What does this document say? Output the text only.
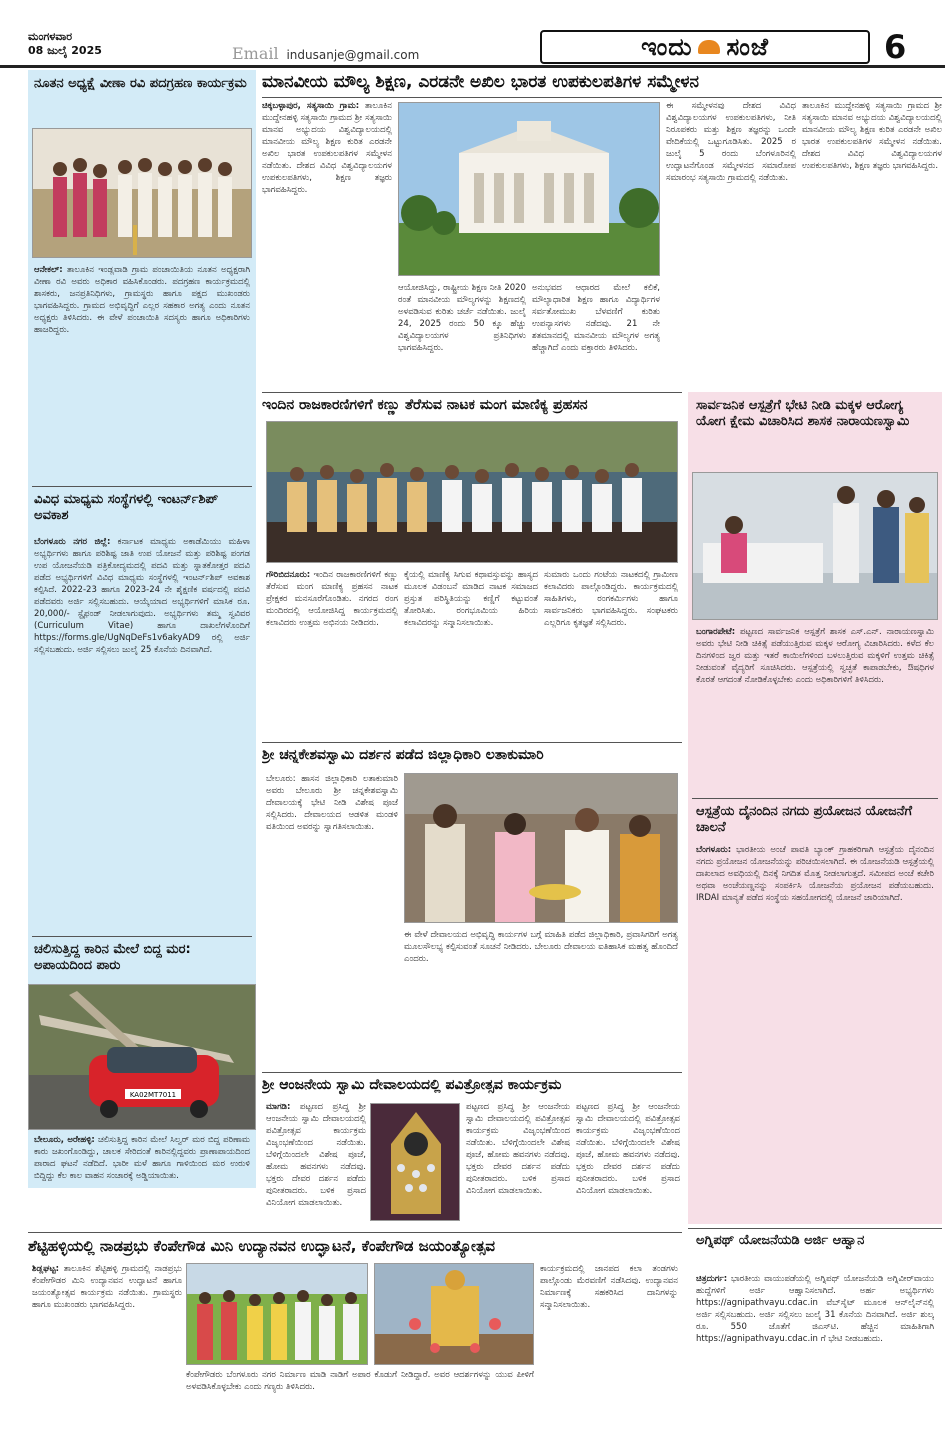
ಮಂಗಳವಾರ
08 ಜುಲೈ 2025	Email indusanje@gmail.com	ಇಂದು ಸಂಜೆ	6
ನೂತನ ಅಧ್ಯಕ್ಷೆ ವೀಣಾ ರವಿ ಪದಗ್ರಹಣ ಕಾರ್ಯಕ್ರಮ
ಆನೇಕಲ್: ತಾಲೂಕಿನ ಇಂಡ್ಲವಾಡಿ ಗ್ರಾಮ ಪಂಚಾಯಿತಿಯ ನೂತನ ಅಧ್ಯಕ್ಷರಾಗಿ ವೀಣಾ ರವಿ ಅವರು ಅಧಿಕಾರ ವಹಿಸಿಕೊಂಡರು. ಪದಗ್ರಹಣ ಕಾರ್ಯಕ್ರಮದಲ್ಲಿ ಶಾಸಕರು, ಜನಪ್ರತಿನಿಧಿಗಳು, ಗ್ರಾಮಸ್ಥರು ಹಾಗೂ ಪಕ್ಷದ ಮುಖಂಡರು ಭಾಗವಹಿಸಿದ್ದರು. ಗ್ರಾಮದ ಅಭಿವೃದ್ಧಿಗೆ ಎಲ್ಲರ ಸಹಕಾರ ಅಗತ್ಯ ಎಂದು ನೂತನ ಅಧ್ಯಕ್ಷರು ತಿಳಿಸಿದರು. ಈ ವೇಳೆ ಪಂಚಾಯಿತಿ ಸದಸ್ಯರು ಹಾಗೂ ಅಧಿಕಾರಿಗಳು ಹಾಜರಿದ್ದರು.
ವಿವಿಧ ಮಾಧ್ಯಮ ಸಂಸ್ಥೆಗಳಲ್ಲಿ ಇಂಟರ್ನ್‌ಶಿಪ್ ಅವಕಾಶ
ಬೆಂಗಳೂರು ನಗರ ಜಿಲ್ಲೆ: ಕರ್ನಾಟಕ ಮಾಧ್ಯಮ ಅಕಾಡೆಮಿಯು ಮಹಿಳಾ ಅಭ್ಯರ್ಥಿಗಳು ಹಾಗೂ ಪರಿಶಿಷ್ಟ ಜಾತಿ ಉಪ ಯೋಜನೆ ಮತ್ತು ಪರಿಶಿಷ್ಟ ಪಂಗಡ ಉಪ ಯೋಜನೆಯಡಿ ಪತ್ರಿಕೋದ್ಯಮದಲ್ಲಿ ಪದವಿ ಮತ್ತು ಸ್ನಾತಕೋತ್ತರ ಪದವಿ ಪಡೆದ ಅಭ್ಯರ್ಥಿಗಳಿಗೆ ವಿವಿಧ ಮಾಧ್ಯಮ ಸಂಸ್ಥೆಗಳಲ್ಲಿ ಇಂಟರ್ನ್‌ಶಿಪ್ ಅವಕಾಶ ಕಲ್ಪಿಸಿದೆ. 2022-23 ಹಾಗೂ 2023-24 ನೇ ಶೈಕ್ಷಣಿಕ ವರ್ಷದಲ್ಲಿ ಪದವಿ ಪಡೆದವರು ಅರ್ಜಿ ಸಲ್ಲಿಸಬಹುದು. ಆಯ್ಕೆಯಾದ ಅಭ್ಯರ್ಥಿಗಳಿಗೆ ಮಾಸಿಕ ರೂ. 20,000/- ಸ್ಟೈಫಂಡ್ ನೀಡಲಾಗುವುದು. ಅಭ್ಯರ್ಥಿಗಳು ತಮ್ಮ ಸ್ವವಿವರ (Curriculum Vitae) ಹಾಗೂ ದಾಖಲೆಗಳೊಂದಿಗೆ https://forms.gle/UgNqDeFs1v6akyAD9 ರಲ್ಲಿ ಅರ್ಜಿ ಸಲ್ಲಿಸಬಹುದು. ಅರ್ಜಿ ಸಲ್ಲಿಸಲು ಜುಲೈ 25 ಕೊನೆಯ ದಿನವಾಗಿದೆ.
ಚಲಿಸುತ್ತಿದ್ದ ಕಾರಿನ ಮೇಲೆ ಬಿದ್ದ ಮರ: ಅಪಾಯದಿಂದ ಪಾರು
KA02MT7011
ಬೇಲೂರು, ಅರೇಹಳ್ಳಿ: ಚಲಿಸುತ್ತಿದ್ದ ಕಾರಿನ ಮೇಲೆ ಸಿಲ್ವರ್ ಮರ ಬಿದ್ದ ಪರಿಣಾಮ ಕಾರು ಜಖಂಗೊಂಡಿದ್ದು, ಚಾಲಕ ಸೇರಿದಂತೆ ಕಾರಿನಲ್ಲಿದ್ದವರು ಪ್ರಾಣಾಪಾಯದಿಂದ ಪಾರಾದ ಘಟನೆ ನಡೆದಿದೆ. ಭಾರೀ ಮಳೆ ಹಾಗೂ ಗಾಳಿಯಿಂದ ಮರ ಉರುಳಿ ಬಿದ್ದಿದ್ದು ಕೆಲ ಕಾಲ ವಾಹನ ಸಂಚಾರಕ್ಕೆ ಅಡ್ಡಿಯಾಯಿತು.
ಮಾನವೀಯ ಮೌಲ್ಯ ಶಿಕ್ಷಣ, ಎರಡನೇ ಅಖಿಲ ಭಾರತ ಉಪಕುಲಪತಿಗಳ ಸಮ್ಮೇಳನ
ಚಿಕ್ಕಬಳ್ಳಾಪುರ, ಸತ್ಯಸಾಯಿ ಗ್ರಾಮ: ತಾಲೂಕಿನ ಮುದ್ದೇನಹಳ್ಳಿ ಸತ್ಯಸಾಯಿ ಗ್ರಾಮದ ಶ್ರೀ ಸತ್ಯಸಾಯಿ ಮಾನವ ಅಭ್ಯುದಯ ವಿಶ್ವವಿದ್ಯಾಲಯದಲ್ಲಿ ಮಾನವೀಯ ಮೌಲ್ಯ ಶಿಕ್ಷಣ ಕುರಿತ ಎರಡನೇ ಅಖಿಲ ಭಾರತ ಉಪಕುಲಪತಿಗಳ ಸಮ್ಮೇಳನ ನಡೆಯಿತು. ದೇಶದ ವಿವಿಧ ವಿಶ್ವವಿದ್ಯಾಲಯಗಳ ಉಪಕುಲಪತಿಗಳು, ಶಿಕ್ಷಣ ತಜ್ಞರು ಭಾಗವಹಿಸಿದ್ದರು.
ಆಯೋಜಿಸಿದ್ದು, ರಾಷ್ಟ್ರೀಯ ಶಿಕ್ಷಣ ನೀತಿ 2020 ರಂತೆ ಮಾನವೀಯ ಮೌಲ್ಯಗಳನ್ನು ಶಿಕ್ಷಣದಲ್ಲಿ ಅಳವಡಿಸುವ ಕುರಿತು ಚರ್ಚೆ ನಡೆಯಿತು. ಜುಲೈ 24, 2025 ರಂದು 50 ಕ್ಕೂ ಹೆಚ್ಚು ವಿಶ್ವವಿದ್ಯಾಲಯಗಳ ಪ್ರತಿನಿಧಿಗಳು ಭಾಗವಹಿಸಿದ್ದರು.
ಅನುಭವದ ಆಧಾರದ ಮೇಲೆ ಕಲಿಕೆ, ಮೌಲ್ಯಾಧಾರಿತ ಶಿಕ್ಷಣ ಹಾಗೂ ವಿದ್ಯಾರ್ಥಿಗಳ ಸರ್ವತೋಮುಖ ಬೆಳವಣಿಗೆ ಕುರಿತು ಉಪನ್ಯಾಸಗಳು ನಡೆದವು. 21 ನೇ ಶತಮಾನದಲ್ಲಿ ಮಾನವೀಯ ಮೌಲ್ಯಗಳ ಅಗತ್ಯ ಹೆಚ್ಚಾಗಿದೆ ಎಂದು ವಕ್ತಾರರು ತಿಳಿಸಿದರು.
ಈ ಸಮ್ಮೇಳನವು ದೇಶದ ವಿವಿಧ ವಿಶ್ವವಿದ್ಯಾಲಯಗಳ ಉಪಕುಲಪತಿಗಳು, ನೀತಿ ನಿರೂಪಕರು ಮತ್ತು ಶಿಕ್ಷಣ ತಜ್ಞರನ್ನು ಒಂದೇ ವೇದಿಕೆಯಲ್ಲಿ ಒಟ್ಟುಗೂಡಿಸಿತು. 2025 ರ ಜುಲೈ 5 ರಂದು ಬೆಂಗಳೂರಿನಲ್ಲಿ ಉದ್ಘಾಟನೆಗೊಂಡ ಸಮ್ಮೇಳನದ ಸಮಾರೋಪ ಸಮಾರಂಭ ಸತ್ಯಸಾಯಿ ಗ್ರಾಮದಲ್ಲಿ ನಡೆಯಿತು.
ತಾಲೂಕಿನ ಮುದ್ದೇನಹಳ್ಳಿ ಸತ್ಯಸಾಯಿ ಗ್ರಾಮದ ಶ್ರೀ ಸತ್ಯಸಾಯಿ ಮಾನವ ಅಭ್ಯುದಯ ವಿಶ್ವವಿದ್ಯಾಲಯದಲ್ಲಿ ಮಾನವೀಯ ಮೌಲ್ಯ ಶಿಕ್ಷಣ ಕುರಿತ ಎರಡನೇ ಅಖಿಲ ಭಾರತ ಉಪಕುಲಪತಿಗಳ ಸಮ್ಮೇಳನ ನಡೆಯಿತು. ದೇಶದ ವಿವಿಧ ವಿಶ್ವವಿದ್ಯಾಲಯಗಳ ಉಪಕುಲಪತಿಗಳು, ಶಿಕ್ಷಣ ತಜ್ಞರು ಭಾಗವಹಿಸಿದ್ದರು.
ಇಂದಿನ ರಾಜಕಾರಣಿಗಳಿಗೆ ಕಣ್ಣು ತೆರೆಸುವ ನಾಟಕ ಮಂಗ ಮಾಣಿಕ್ಯ ಪ್ರಹಸನ
ಗೌರಿಬಿದನೂರು: ಇಂದಿನ ರಾಜಕಾರಣಿಗಳಿಗೆ ಕಣ್ಣು ತೆರೆಸುವ ಮಂಗ ಮಾಣಿಕ್ಯ ಪ್ರಹಸನ ನಾಟಕ ಪ್ರೇಕ್ಷಕರ ಮನಸೂರೆಗೊಂಡಿತು. ನಗರದ ರಂಗ ಮಂದಿರದಲ್ಲಿ ಆಯೋಜಿಸಿದ್ದ ಕಾರ್ಯಕ್ರಮದಲ್ಲಿ ಕಲಾವಿದರು ಉತ್ತಮ ಅಭಿನಯ ನೀಡಿದರು.
ಕೈಯಲ್ಲಿ ಮಾಣಿಕ್ಯ ಸಿಗುವ ಕಥಾವಸ್ತುವನ್ನು ಹಾಸ್ಯದ ಮೂಲಕ ವಿಡಂಬನೆ ಮಾಡಿದ ನಾಟಕ ಸಮಾಜದ ಪ್ರಸ್ತುತ ಪರಿಸ್ಥಿತಿಯನ್ನು ಕಣ್ಣಿಗೆ ಕಟ್ಟುವಂತೆ ತೋರಿಸಿತು. ರಂಗಭೂಮಿಯ ಹಿರಿಯ ಕಲಾವಿದರನ್ನು ಸನ್ಮಾನಿಸಲಾಯಿತು.
ಸುಮಾರು ಒಂದು ಗಂಟೆಯ ನಾಟಕದಲ್ಲಿ ಗ್ರಾಮೀಣ ಕಲಾವಿದರು ಪಾಲ್ಗೊಂಡಿದ್ದರು. ಕಾರ್ಯಕ್ರಮದಲ್ಲಿ ಸಾಹಿತಿಗಳು, ರಂಗಕರ್ಮಿಗಳು ಹಾಗೂ ಸಾರ್ವಜನಿಕರು ಭಾಗವಹಿಸಿದ್ದರು. ಸಂಘಟಕರು ಎಲ್ಲರಿಗೂ ಕೃತಜ್ಞತೆ ಸಲ್ಲಿಸಿದರು.
ಸಾರ್ವಜನಿಕ ಆಸ್ಪತ್ರೆಗೆ ಭೇಟಿ ನೀಡಿ ಮಕ್ಕಳ ಆರೋಗ್ಯ ಯೋಗ ಕ್ಷೇಮ ವಿಚಾರಿಸಿದ ಶಾಸಕ ನಾರಾಯಣಸ್ವಾಮಿ
ಬಂಗಾರಪೇಟೆ: ಪಟ್ಟಣದ ಸಾರ್ವಜನಿಕ ಆಸ್ಪತ್ರೆಗೆ ಶಾಸಕ ಎಸ್.ಎನ್. ನಾರಾಯಣಸ್ವಾಮಿ ಅವರು ಭೇಟಿ ನೀಡಿ ಚಿಕಿತ್ಸೆ ಪಡೆಯುತ್ತಿರುವ ಮಕ್ಕಳ ಆರೋಗ್ಯ ವಿಚಾರಿಸಿದರು. ಕಳೆದ ಕೆಲ ದಿನಗಳಿಂದ ಜ್ವರ ಮತ್ತು ಇತರೆ ಕಾಯಿಲೆಗಳಿಂದ ಬಳಲುತ್ತಿರುವ ಮಕ್ಕಳಿಗೆ ಉತ್ತಮ ಚಿಕಿತ್ಸೆ ನೀಡುವಂತೆ ವೈದ್ಯರಿಗೆ ಸೂಚಿಸಿದರು. ಆಸ್ಪತ್ರೆಯಲ್ಲಿ ಸ್ವಚ್ಛತೆ ಕಾಪಾಡಬೇಕು, ಔಷಧಿಗಳ ಕೊರತೆ ಆಗದಂತೆ ನೋಡಿಕೊಳ್ಳಬೇಕು ಎಂದು ಅಧಿಕಾರಿಗಳಿಗೆ ತಿಳಿಸಿದರು.
ಆಸ್ಪತ್ರೆಯ ದೈನಂದಿನ ನಗದು ಪ್ರಯೋಜನ ಯೋಜನೆಗೆ ಚಾಲನೆ
ಬೆಂಗಳೂರು: ಭಾರತೀಯ ಅಂಚೆ ಪಾವತಿ ಬ್ಯಾಂಕ್ ಗ್ರಾಹಕರಿಗಾಗಿ ಆಸ್ಪತ್ರೆಯ ದೈನಂದಿನ ನಗದು ಪ್ರಯೋಜನ ಯೋಜನೆಯನ್ನು ಪರಿಚಯಿಸಲಾಗಿದೆ. ಈ ಯೋಜನೆಯಡಿ ಆಸ್ಪತ್ರೆಯಲ್ಲಿ ದಾಖಲಾದ ಅವಧಿಯಲ್ಲಿ ದಿನಕ್ಕೆ ನಿಗದಿತ ಮೊತ್ತ ನೀಡಲಾಗುತ್ತದೆ. ಸಮೀಪದ ಅಂಚೆ ಕಚೇರಿ ಅಥವಾ ಅಂಚೆಯಣ್ಣನನ್ನು ಸಂಪರ್ಕಿಸಿ ಯೋಜನೆಯ ಪ್ರಯೋಜನ ಪಡೆಯಬಹುದು. IRDAI ಮಾನ್ಯತೆ ಪಡೆದ ಸಂಸ್ಥೆಯ ಸಹಯೋಗದಲ್ಲಿ ಯೋಜನೆ ಜಾರಿಯಾಗಿದೆ.
ಅಗ್ನಿಪಥ್ ಯೋಜನೆಯಡಿ ಅರ್ಜಿ ಆಹ್ವಾನ
ಚಿತ್ರದುರ್ಗ: ಭಾರತೀಯ ವಾಯುಪಡೆಯಲ್ಲಿ ಅಗ್ನಿಪಥ್ ಯೋಜನೆಯಡಿ ಅಗ್ನಿವೀರ್‌ವಾಯು ಹುದ್ದೆಗಳಿಗೆ ಅರ್ಜಿ ಆಹ್ವಾನಿಸಲಾಗಿದೆ. ಅರ್ಹ ಅಭ್ಯರ್ಥಿಗಳು https://agnipathvayu.cdac.in ವೆಬ್‌ಸೈಟ್ ಮೂಲಕ ಆನ್‌ಲೈನ್‌ನಲ್ಲಿ ಅರ್ಜಿ ಸಲ್ಲಿಸಬಹುದು. ಅರ್ಜಿ ಸಲ್ಲಿಸಲು ಜುಲೈ 31 ಕೊನೆಯ ದಿನವಾಗಿದೆ. ಅರ್ಜಿ ಶುಲ್ಕ ರೂ. 550 ಜೊತೆಗೆ ಜಿಎಸ್‌ಟಿ. ಹೆಚ್ಚಿನ ಮಾಹಿತಿಗಾಗಿ https://agnipathvayu.cdac.in ಗೆ ಭೇಟಿ ನೀಡಬಹುದು.
ಶ್ರೀ ಚನ್ನಕೇಶವಸ್ವಾಮಿ ದರ್ಶನ ಪಡೆದ ಜಿಲ್ಲಾಧಿಕಾರಿ ಲತಾಕುಮಾರಿ
ಬೇಲೂರು: ಹಾಸನ ಜಿಲ್ಲಾಧಿಕಾರಿ ಲತಾಕುಮಾರಿ ಅವರು ಬೇಲೂರು ಶ್ರೀ ಚನ್ನಕೇಶವಸ್ವಾಮಿ ದೇವಾಲಯಕ್ಕೆ ಭೇಟಿ ನೀಡಿ ವಿಶೇಷ ಪೂಜೆ ಸಲ್ಲಿಸಿದರು. ದೇವಾಲಯದ ಆಡಳಿತ ಮಂಡಳಿ ವತಿಯಿಂದ ಅವರನ್ನು ಸ್ವಾಗತಿಸಲಾಯಿತು.
ಈ ವೇಳೆ ದೇವಾಲಯದ ಅಭಿವೃದ್ಧಿ ಕಾರ್ಯಗಳ ಬಗ್ಗೆ ಮಾಹಿತಿ ಪಡೆದ ಜಿಲ್ಲಾಧಿಕಾರಿ, ಪ್ರವಾಸಿಗರಿಗೆ ಅಗತ್ಯ ಮೂಲಸೌಲಭ್ಯ ಕಲ್ಪಿಸುವಂತೆ ಸೂಚನೆ ನೀಡಿದರು. ಬೇಲೂರು ದೇವಾಲಯ ಐತಿಹಾಸಿಕ ಮಹತ್ವ ಹೊಂದಿದೆ ಎಂದರು.
ಶ್ರೀ ಆಂಜನೇಯ ಸ್ವಾಮಿ ದೇವಾಲಯದಲ್ಲಿ ಪವಿತ್ರೋತ್ಸವ ಕಾರ್ಯಕ್ರಮ
ಮಾಗಡಿ: ಪಟ್ಟಣದ ಪ್ರಸಿದ್ಧ ಶ್ರೀ ಆಂಜನೇಯ ಸ್ವಾಮಿ ದೇವಾಲಯದಲ್ಲಿ ಪವಿತ್ರೋತ್ಸವ ಕಾರ್ಯಕ್ರಮ ವಿಜೃಂಭಣೆಯಿಂದ ನಡೆಯಿತು. ಬೆಳಿಗ್ಗೆಯಿಂದಲೇ ವಿಶೇಷ ಪೂಜೆ, ಹೋಮ ಹವನಗಳು ನಡೆದವು. ಭಕ್ತರು ದೇವರ ದರ್ಶನ ಪಡೆದು ಪುನೀತರಾದರು. ಬಳಿಕ ಪ್ರಸಾದ ವಿನಿಯೋಗ ಮಾಡಲಾಯಿತು.
ಪಟ್ಟಣದ ಪ್ರಸಿದ್ಧ ಶ್ರೀ ಆಂಜನೇಯ ಸ್ವಾಮಿ ದೇವಾಲಯದಲ್ಲಿ ಪವಿತ್ರೋತ್ಸವ ಕಾರ್ಯಕ್ರಮ ವಿಜೃಂಭಣೆಯಿಂದ ನಡೆಯಿತು. ಬೆಳಿಗ್ಗೆಯಿಂದಲೇ ವಿಶೇಷ ಪೂಜೆ, ಹೋಮ ಹವನಗಳು ನಡೆದವು. ಭಕ್ತರು ದೇವರ ದರ್ಶನ ಪಡೆದು ಪುನೀತರಾದರು. ಬಳಿಕ ಪ್ರಸಾದ ವಿನಿಯೋಗ ಮಾಡಲಾಯಿತು.
ಪಟ್ಟಣದ ಪ್ರಸಿದ್ಧ ಶ್ರೀ ಆಂಜನೇಯ ಸ್ವಾಮಿ ದೇವಾಲಯದಲ್ಲಿ ಪವಿತ್ರೋತ್ಸವ ಕಾರ್ಯಕ್ರಮ ವಿಜೃಂಭಣೆಯಿಂದ ನಡೆಯಿತು. ಬೆಳಿಗ್ಗೆಯಿಂದಲೇ ವಿಶೇಷ ಪೂಜೆ, ಹೋಮ ಹವನಗಳು ನಡೆದವು. ಭಕ್ತರು ದೇವರ ದರ್ಶನ ಪಡೆದು ಪುನೀತರಾದರು. ಬಳಿಕ ಪ್ರಸಾದ ವಿನಿಯೋಗ ಮಾಡಲಾಯಿತು.
ಶೆಟ್ಟಿಹಳ್ಳಿಯಲ್ಲಿ ನಾಡಪ್ರಭು ಕೆಂಪೇಗೌಡ ಮಿನಿ ಉದ್ಯಾನವನ ಉದ್ಘಾಟನೆ, ಕೆಂಪೇಗೌಡ ಜಯಂತ್ಯೋತ್ಸವ
ಶಿಡ್ಲಘಟ್ಟ: ತಾಲೂಕಿನ ಶೆಟ್ಟಿಹಳ್ಳಿ ಗ್ರಾಮದಲ್ಲಿ ನಾಡಪ್ರಭು ಕೆಂಪೇಗೌಡರ ಮಿನಿ ಉದ್ಯಾನವನ ಉದ್ಘಾಟನೆ ಹಾಗೂ ಜಯಂತ್ಯೋತ್ಸವ ಕಾರ್ಯಕ್ರಮ ನಡೆಯಿತು. ಗ್ರಾಮಸ್ಥರು ಹಾಗೂ ಮುಖಂಡರು ಭಾಗವಹಿಸಿದ್ದರು.
ಕೆಂಪೇಗೌಡರು ಬೆಂಗಳೂರು ನಗರ ನಿರ್ಮಾಣ ಮಾಡಿ ನಾಡಿಗೆ ಅಪಾರ ಕೊಡುಗೆ ನೀಡಿದ್ದಾರೆ. ಅವರ ಆದರ್ಶಗಳನ್ನು ಯುವ ಪೀಳಿಗೆ ಅಳವಡಿಸಿಕೊಳ್ಳಬೇಕು ಎಂದು ಗಣ್ಯರು ತಿಳಿಸಿದರು.
ಕಾರ್ಯಕ್ರಮದಲ್ಲಿ ಜಾನಪದ ಕಲಾ ತಂಡಗಳು ಪಾಲ್ಗೊಂಡು ಮೆರವಣಿಗೆ ನಡೆಸಿದವು. ಉದ್ಯಾನವನ ನಿರ್ಮಾಣಕ್ಕೆ ಸಹಕರಿಸಿದ ದಾನಿಗಳನ್ನು ಸನ್ಮಾನಿಸಲಾಯಿತು.
